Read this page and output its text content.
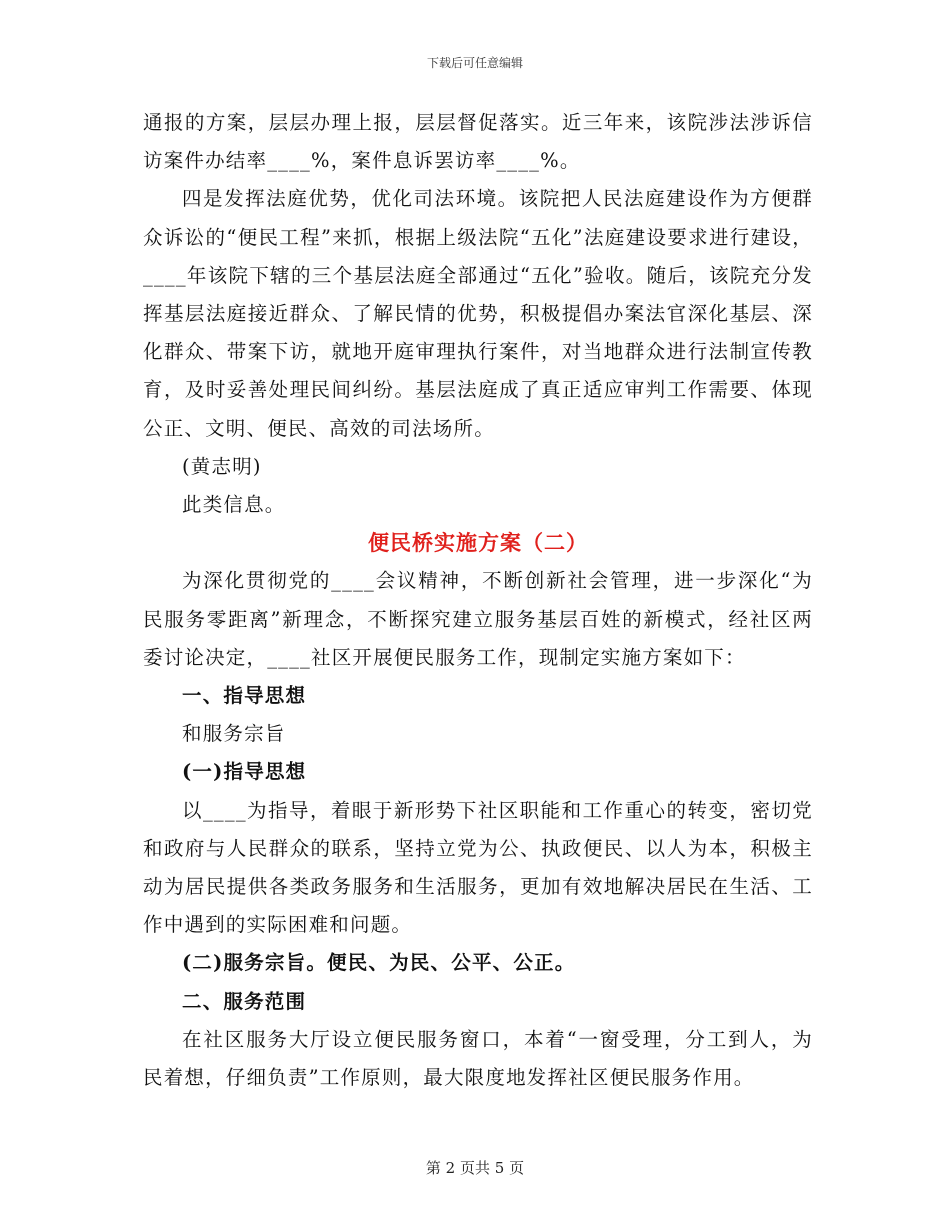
下载后可任意编辑

通报的方案，层层办理上报，层层督促落实。近三年来，该院涉法涉诉信访案件办结率____%，案件息诉罢访率____%。

四是发挥法庭优势，优化司法环境。该院把人民法庭建设作为方便群众诉讼的“便民工程”来抓，根据上级法院“五化”法庭建设要求进行建设，____年该院下辖的三个基层法庭全部通过“五化”验收。随后，该院充分发挥基层法庭接近群众、了解民情的优势，积极提倡办案法官深化基层、深化群众、带案下访，就地开庭审理执行案件，对当地群众进行法制宣传教育，及时妥善处理民间纠纷。基层法庭成了真正适应审判工作需要、体现公正、文明、便民、高效的司法场所。

(黄志明)

此类信息。

便民桥实施方案（二）

为深化贯彻党的____会议精神，不断创新社会管理，进一步深化“为民服务零距离”新理念，不断探究建立服务基层百姓的新模式，经社区两委讨论决定，____社区开展便民服务工作，现制定实施方案如下：

一、指导思想

和服务宗旨

(一)指导思想

以____为指导，着眼于新形势下社区职能和工作重心的转变，密切党和政府与人民群众的联系，坚持立党为公、执政便民、以人为本，积极主动为居民提供各类政务服务和生活服务，更加有效地解决居民在生活、工作中遇到的实际困难和问题。

(二)服务宗旨。便民、为民、公平、公正。

二、服务范围

在社区服务大厅设立便民服务窗口，本着“一窗受理，分工到人，为民着想，仔细负责”工作原则，最大限度地发挥社区便民服务作用。

第 2 页共 5 页
